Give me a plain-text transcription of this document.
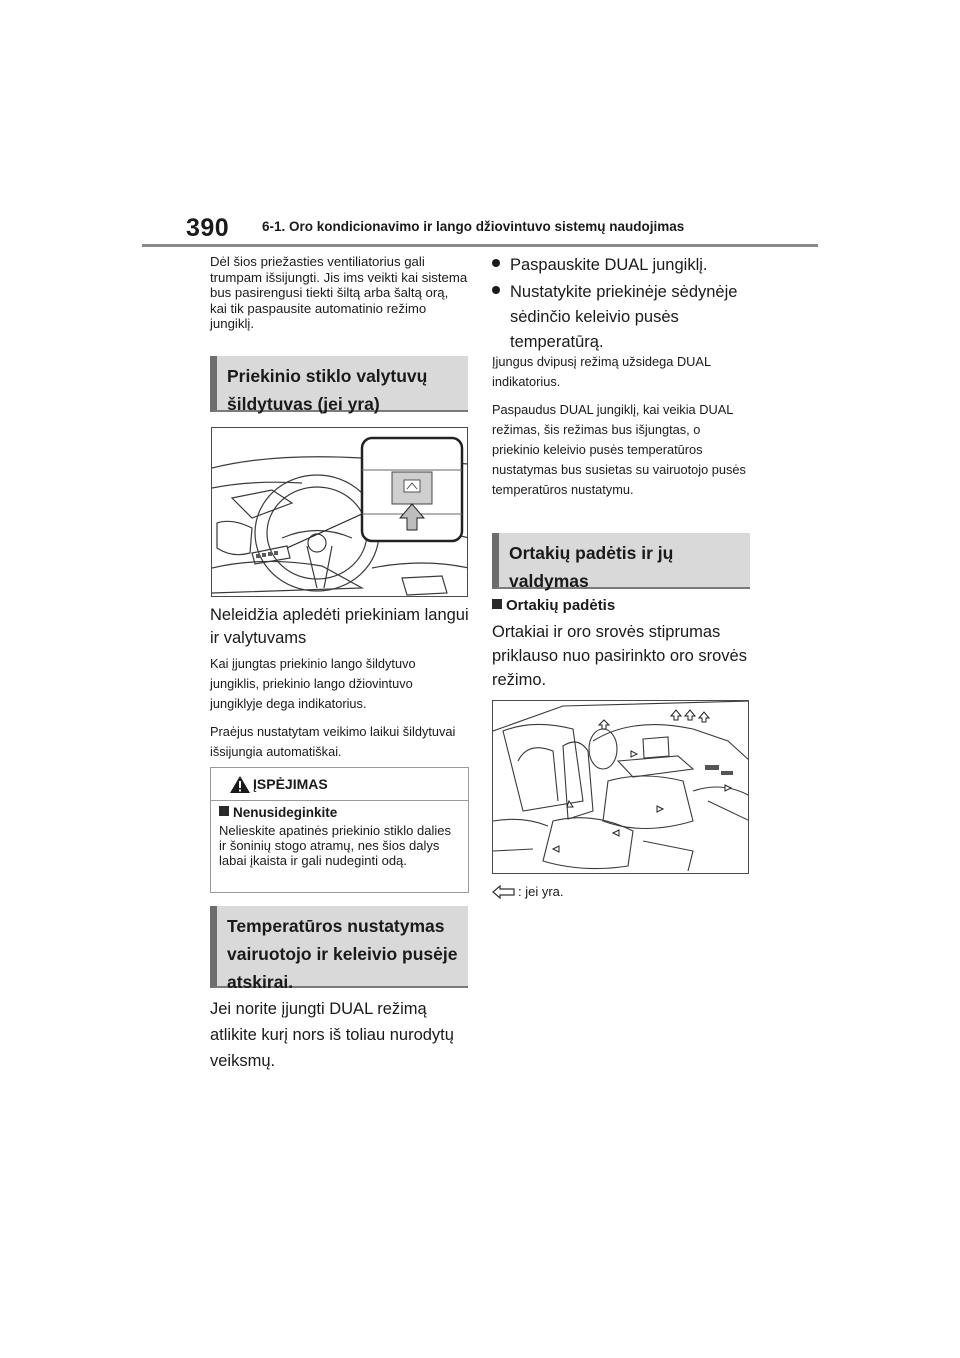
390 6-1. Oro kondicionavimo ir lango džiovintuvo sistemų naudojimas
Dėl šios priežasties ventiliatorius gali trumpam išsijungti. Jis ims veikti kai sistema bus pasirengusi tiekti šiltą arba šaltą orą, kai tik paspausite automatinio režimo jungiklį.
Priekinio stiklo valytuvų
šildytuvas (jei yra)
Neleidžia apledėti priekiniam langui
ir valytuvams

Kai įjungtas priekinio lango šildytuvo jungiklis, priekinio lango džiovintuvo jungiklyje dega indikatorius.

Praėjus nustatytam veikimo laikui šildytuvai išsijungia automatiškai.

ĮSPĖJIMAS
Nenusideginkite
Nelieskite apatinės priekinio stiklo dalies ir šoninių stogo atramų, nes šios dalys labai įkaista ir gali nudeginti odą.
Temperatūros nustatymas
vairuotojo ir keleivio pusėje
atskirai.
Jei norite įjungti DUAL režimą
atlikite kurį nors iš toliau nurodytų
veiksmų.
Paspauskite DUAL jungiklį.
Nustatykite priekinėje sėdynėje
sėdinčio keleivio pusės
temperatūrą.

Įjungus dvipusį režimą užsidega DUAL indikatorius.

Paspaudus DUAL jungiklį, kai veikia DUAL režimas, šis režimas bus išjungtas, o priekinio keleivio pusės temperatūros nustatymas bus susietas su vairuotojo pusės temperatūros nustatymu.

Ortakių padėtis ir jų
valdymas
Ortakių padėtis
Ortakiai ir oro srovės stiprumas
priklauso nuo pasirinkto oro srovės
režimo.
: jei yra.
